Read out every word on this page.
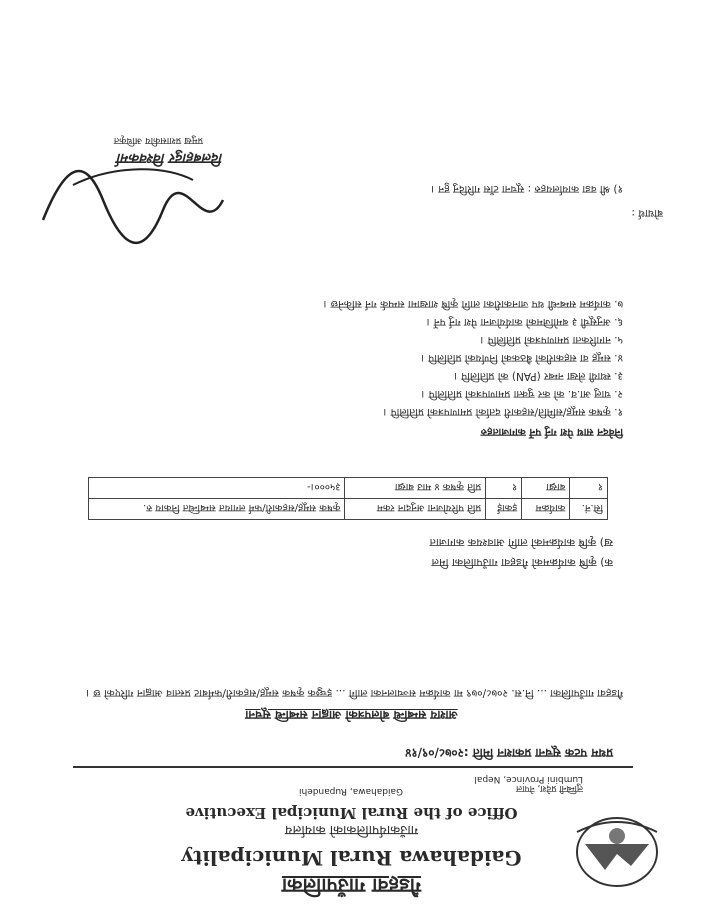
गैडहवा गाउँपालिका
Gaidahawa Rural Municipality
गाउँकार्यपालिकाको कार्यालय
Office of the Rural Municipal Executive
Gaidahawa, Rupandehi	लुम्बिनी प्रदेश, नेपाल
Lumbini Province, Nepal
प्रथम पटक सूचना प्रकाशन मिति :२०७८/०९/१४
आशय सम्बन्धि बोलपत्रको आह्वान सम्बन्धि सूचना
गैडहवा गाउँपालिका ... नि.स. २०७८/०७९ मा कार्यक्रम सञ्चालनका लागि ... इच्छुक कृषक समूह/सहकारी/फर्मबाट प्रस्ताव आह्वान गरिएको छ ।
क) कृषि कार्यक्रमको गैडहवा गाउँपालिका मिल
ख) कृषि कार्यक्रमको लागि आवश्यक कागजात
सि.नं.	कार्यक्रम	इकाई	प्रति परियोजना अनुदान रकम	कृषक समूह/सहकारी/फर्म लगायत सम्बन्धित निकाय रु.
१	बाख्रा	१	प्रति कृषक ४ माउ बाख्रा	३५०००।-
निवेदन साथ पेश गर्नु पर्ने कागजातहरु
१. कृषक समूह/समिति/सहकारी दर्ताको प्रमाणपत्रको प्रतिलिपि ।
२. चालु आ.व. को कर चुक्ता प्रमाणपत्रको प्रतिलिपि ।
३. स्थायी लेखा नम्बर (PAN) को प्रतिलिपि ।
४. समूह वा सहकारीको बैठकको निर्णयको प्रतिलिपि ।
५. नागरिकता प्रमाणपत्रको प्रतिलिपि ।
६. अनुसूची ३ बमोजिमको कार्ययोजना पेश गर्नु पर्ने ।
७. कार्यक्रम सम्बन्धी थप जानकारीका लागि कृषि शाखामा सम्पर्क गर्न सकिनेछ ।
दिलबहादुर विश्वकर्मा
प्रमुख प्रशासकीय अधिकृत
बोधार्थ :
१) श्री वडा कार्यालयहरु : सूचना टाँस गरिदिनु हुन ।
